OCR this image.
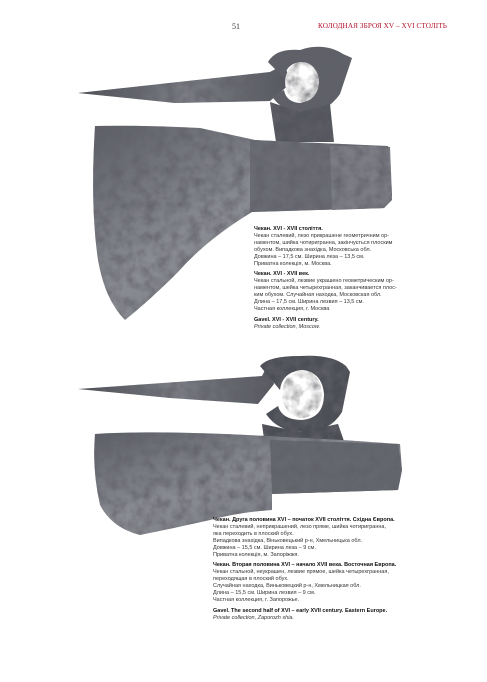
51	КОЛОДНАЯ ЗБРОЯ XV – XVI СТОЛІТЬ

Чекан. XVI - XVII століття.
Чекан сталевий, лезо прикрашене геометричним ор-
наментом, шийка чотиригранна, закінчується плоским
обухом. Випадкова знахідка, Московська обл.
Довжина – 17,5 см. Ширина леза – 13,5 см.
Приватна колекція, м. Москва.

Чекан. XVI - XVII век.
Чекан стальной, лезвие украшено геометрическим ор-
наментом, шейка четырехгранная, заканчивается плос-
ким обухом. Случайная находка, Московская обл.
Длина – 17,5 см. Ширина лезвия – 13,5 см.
Частная коллекция, г. Москва

Gavel. XVI - XVII century.
Private collection, Moscow.

Чекан. Друга половина XVI – початок XVII століття. Східна Європа.
Чекан сталевий, неприкрашений, лезо пряме, шийка чотиригранна,
яка переходить в плоский обух.
Випадкова знахідка, Віньковецький р-н, Хмельницька обл.
Довжина – 15,5 см. Ширина леза – 9 см.
Приватна колекція, м. Запоріжжя.

Чекан. Вторая половина XVI – начало XVII века. Восточная Европа.
Чекан стальной, неукрашен, лезвие прямое, шейка четырехгранная,
переходящая в плоский обух.
Случайная находка, Виньковецкий р-н, Хмельницкая обл.
Длина – 15,5 см. Ширина лезвия – 9 см.
Частная коллекция, г. Запорожье.

Gavel. The second half of XVI – early XVII century. Eastern Europe.
Private collection, Zaporozh shia.
